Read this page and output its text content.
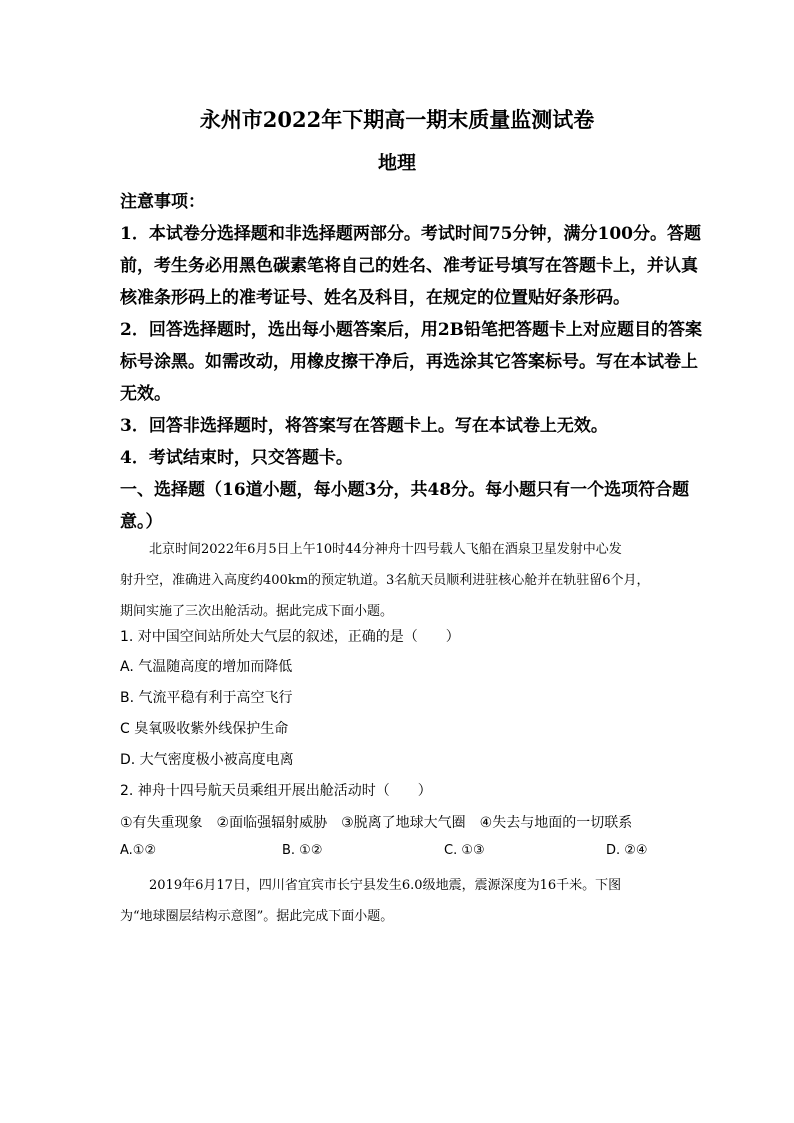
永州市2022年下期高一期末质量监测试卷
地理
注意事项：
1．本试卷分选择题和非选择题两部分。考试时间75分钟，满分100分。答题
前，考生务必用黑色碳素笔将自己的姓名、准考证号填写在答题卡上，并认真
核准条形码上的准考证号、姓名及科目，在规定的位置贴好条形码。
2．回答选择题时，选出每小题答案后，用2B铅笔把答题卡上对应题目的答案
标号涂黑。如需改动，用橡皮擦干净后，再选涂其它答案标号。写在本试卷上
无效。
3．回答非选择题时，将答案写在答题卡上。写在本试卷上无效。
4．考试结束时，只交答题卡。
一、选择题（16道小题，每小题3分，共48分。每小题只有一个选项符合题
意。）
北京时间2022年6月5日上午10时44分神舟十四号载人飞船在酒泉卫星发射中心发
射升空，准确进入高度约400km的预定轨道。3名航天员顺利进驻核心舱并在轨驻留6个月，
期间实施了三次出舱活动。据此完成下面小题。
1. 对中国空间站所处大气层的叙述，正确的是（　　）
A. 气温随高度的增加而降低
B. 气流平稳有利于高空飞行
C 臭氧吸收紫外线保护生命
D. 大气密度极小被高度电离
2. 神舟十四号航天员乘组开展出舱活动时（　　）
①有失重现象　②面临强辐射威胁　③脱离了地球大气圈　④失去与地面的一切联系
A.①②	B. ①②	C. ①③	D. ②④
2019年6月17日，四川省宜宾市长宁县发生6.0级地震，震源深度为16千米。下图
为“地球圈层结构示意图”。据此完成下面小题。
